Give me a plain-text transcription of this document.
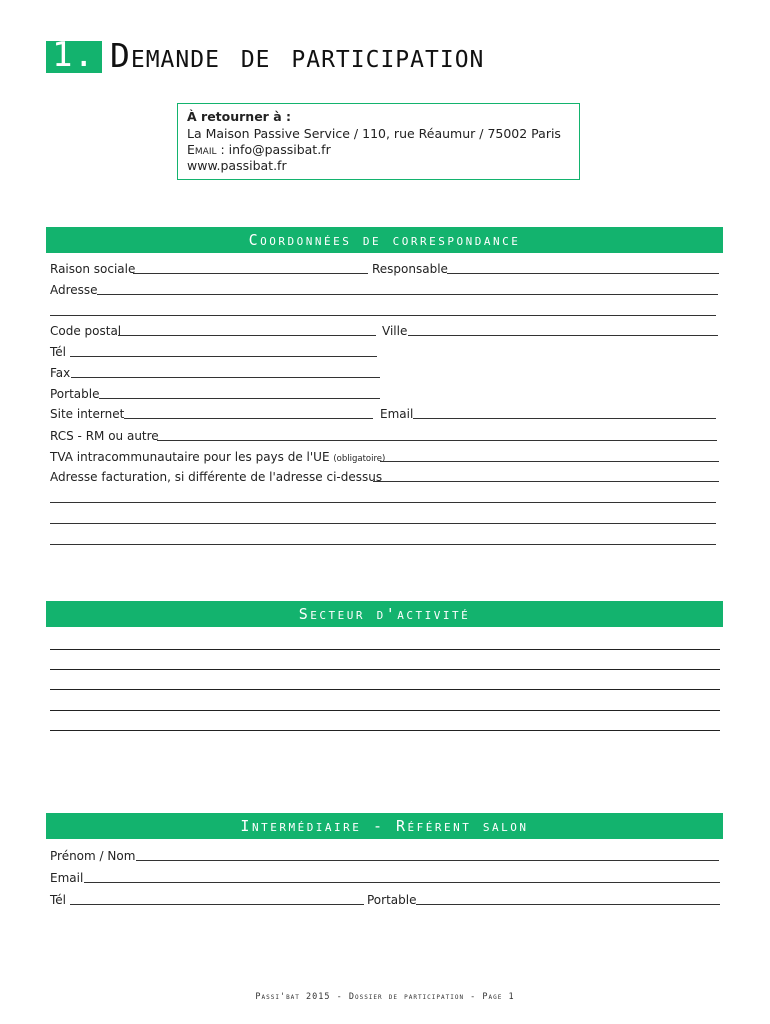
1. Demande de participation
À retourner à :
La Maison Passive Service / 110, rue Réaumur / 75002 Paris
Email : info@passibat.fr
www.passibat.fr
Coordonnées de correspondance
Raison sociale	Responsable
Adresse
Code postal	Ville
Tél
Fax
Portable
Site internet	Email
RCS - RM ou autre
TVA intracommunautaire pour les pays de l'UE (obligatoire)
Adresse facturation, si différente de l'adresse ci-dessus
Secteur d'activité
Intermédiaire - Référent salon
Prénom / Nom
Email
Tél	Portable
Passi'bat 2015 - Dossier de participation - Page 1
